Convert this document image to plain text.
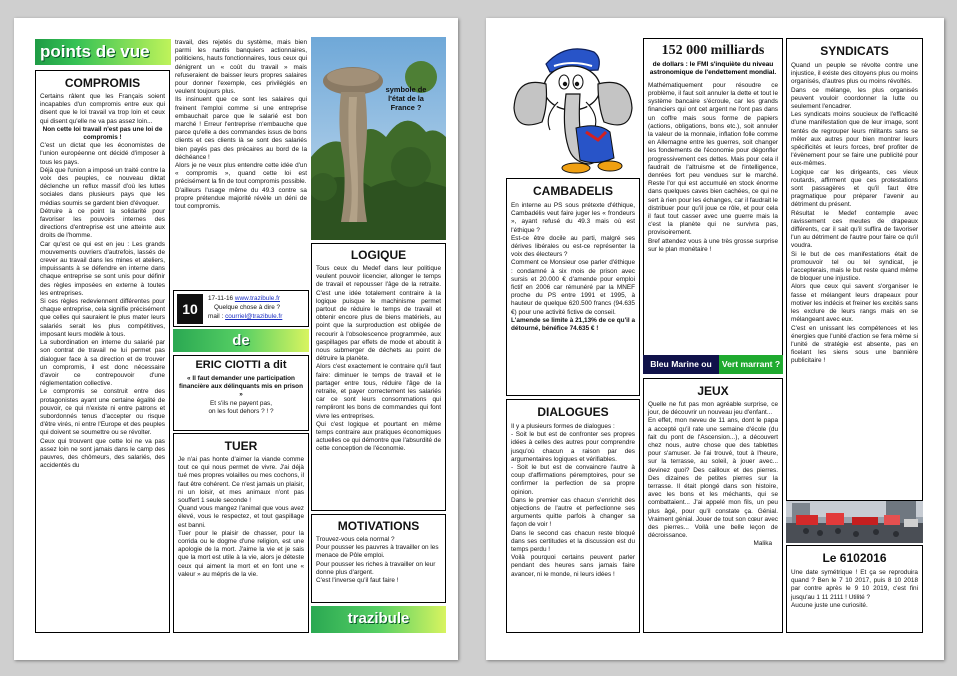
points de vue
COMPROMIS

Certains râlent que les Français soient incapables d'un compromis entre eux qui disent que le loi travail va trop loin et ceux qui disent qu'elle ne va pas assez loin...

Non cette loi travail n'est pas une loi de compromis !

C'est un dictat que les économistes de l'union européenne ont décidé d'imposer à tous les pays.

Déjà que l'union a imposé un traité contre la voix des peuples, ce nouveau diktat déclenche un reflux massif d'où les luttes sociales dans plusieurs pays que les médias soumis se gardent bien d'évoquer.

Détruire à ce point la solidarité pour favoriser les pouvoirs internes des directions d'entreprise est une atteinte aux droits de l'homme.

Car qu'est ce qui est en jeu : Les grands mouvements ouvriers d'autrefois, lassés de crever au travail dans les mines et ateliers, impuissants à se défendre en interne dans chaque entreprise se sont unis pour définir des règles imposées en externe à toutes les entreprises.

Si ces règles redeviennent différentes pour chaque entreprise, cela signifie précisément que celles qui sauraient le plus mater leurs salariés serait les plus compétitives, imposant leurs modèle à tous.

La subordination en interne du salarié par son contrat de travail ne lui permet pas dialoguer face à sa direction et de trouver un compromis, il est donc nécessaire d'avoir ce contrepouvoir d'une réglementation collective.

Le compromis se construit entre des protagonistes ayant une certaine égalité de pouvoir, ce qui n'existe ni entre patrons et subordonnés tenus d'accepter ou risque d'être virés, ni entre l'Europe et des peuples qui doivent se soumettre ou se révolter.

Ceux qui trouvent que cette loi ne va pas assez loin ne sont jamais dans le camp des pauvres, des chômeurs, des salariés, des accidentés du

travail, des rejetés du système, mais bien parmi les nantis banquiers actionnaires, politiciens, hauts fonctionnaires, tous ceux qui dénigrent un « coût du travail » mais refuseraient de baisser leurs propres salaires pour donner l'exemple, ces privilégiés en veulent toujours plus.

Ils insinuent que ce sont les salaires qui freinent l'emploi comme si une entreprise embauchait parce que le salarié est bon marché ! Erreur l'entreprise n'embauche que parce qu'elle a des commandes issus de bons clients et ces clients là se sont des salariés bien payés pas des précaires au bord de la déchéance !

Alors je ne veux plus entendre cette idée d'un « compromis », quand cette loi est précisément la fin de tout compromis possible.

D'ailleurs l'usage même du 49.3 contre sa propre prétendue majorité révèle un déni de tout compromis.

symbole de l'état de la France ?
10
17-11-16 www.trazibule.fr
Quelque chose à dire ?
mail : courriel@trazibule.fr
de
ERIC CIOTTI a dit

« Il faut demander une participation financière aux délinquants mis en prison »

Et s'ils ne payent pas,

on les fout dehors ? ! ?

TUER

Je n'ai pas honte d'aimer la viande comme tout ce qui nous permet de vivre. J'ai déjà tué mes propres volailles ou mes cochons, il faut être cohérent. Ce n'est jamais un plaisir, ni un loisir, et mes animaux n'ont pas souffert 1 seule seconde !

Quand vous mangez l'animal que vous avez élevé, vous le respectez, et tout gaspillage est banni.

Tuer pour le plaisir de chasser, pour la corrida ou le dogme d'une religion, est une apologie de la mort. J'aime la vie et je sais que la mort est utile à la vie, alors je déteste ceux qui aiment la mort et en font une « valeur » au mépris de la vie.

LOGIQUE

Tous ceux du Medef dans leur politique veulent pouvoir licencier, allonger le temps de travail et repousser l'âge de la retraite. C'est une idée totalement contraire à la logique puisque le machinisme permet partout de réduire le temps de travail et obtenir encore plus de biens matériels, au point que la surproduction est obligée de recourir à l'obsolescence programmée, aux gaspillages par effets de mode et aboutit à nous submerger de déchets au point de détruire la planète.

Alors c'est exactement le contraire qu'il faut faire: diminuer le temps de travail et le partager entre tous, réduire l'âge de la retraite, et payer correctement les salariés car ce sont leurs consommations qui rempliront les bons de commandes qui font vivre les entreprises.

Qui c'est logique et pourtant en même temps contraire aux pratiques économiques actuelles ce qui démontre que l'absurdité de cette conception de l'économie.

MOTIVATIONS

Trouvez-vous cela normal ?

Pour pousser les pauvres à travailler on les menace de Pôle emploi.

Pour pousser les riches à travailler on leur donne plus d'argent.

C'est l'inverse qu'il faut faire !

trazibule
152 000 milliards
de dollars : le FMI s'inquiète du niveau astronomique de l'endettement mondial.

Mathématiquement pour résoudre ce problème, il faut soit annuler la dette et tout le système bancaire s'écroule, car les grands financiers qui ont cet argent ne l'ont pas dans un coffre mais sous forme de papiers (actions, obligations, bons etc.), soit annuler la valeur de la monnaie, inflation folle comme en Allemagne entre les guerres, soit changer les fondements de l'économie pour dégonfler progressivement ces dettes. Mais pour cela il faudrait de l'altruisme et de l'intelligence, denrées fort peu vendues sur le marché. Reste l'or qui est accumulé en stock énorme dans quelques caves bien cachées, ce qui ne sert à rien pour les échanges, car il faudrait le distribuer pour qu'il joue ce rôle, et pour cela il faut tout casser avec une guerre mais la c'est la planète qui ne survivra pas, provisoirement.

Bref attendez vous à une très grosse surprise sur le plan monétaire !

CAMBADELIS

En interne au PS sous prétexte d'éthique, Cambadélis veut faire juger les « frondeurs », ayant refusé du 49.3 mais où est l'éthique ?

Est-ce être docile au parti, malgré ses dérives libérales ou est-ce représenter la voix des électeurs ?

Comment ce Monsieur ose parler d'éthique : condamné à six mois de prison avec sursis et 20.000 € d'amende pour emploi fictif en 2006 car rémunéré par la MNEF proche du PS entre 1991 et 1995, à hauteur de quelque 620.500 francs (94.635 €) pour une activité fictive de conseil.

L'amende se limite à 21,13% de ce qu'il a détourné, bénéfice 74.635 € !

Bleu Marine ou	Vert marrant ?
DIALOGUES

Il y a plusieurs formes de dialogues :

- Soit le but est de confronter ses propres idées à celles des autres pour comprendre jusqu'où chacun a raison par des argumentaires logiques et vérifiables.

- Soit le but est de convaincre l'autre à coup d'affirmations péremptoires, pour se confirmer la perfection de sa propre opinion.

Dans le premier cas chacun s'enrichit des objections de l'autre et perfectionne ses arguments quitte parfois à changer sa façon de voir !

Dans le second cas chacun reste bloqué dans ses certitudes et la discussion est du temps perdu !

Voilà pourquoi certains peuvent parler pendant des heures sans jamais faire avancer, ni le monde, ni leurs idées !

JEUX

Quelle ne fut pas mon agréable surprise, ce jour, de découvrir un nouveau jeu d'enfant...

En effet, mon neveu de 11 ans, dont le papa a accepté qu'il rate une semaine d'école (du fait du pont de l'Ascension...), a découvert chez nous, autre chose que des tablettes pour s'amuser. Je l'ai trouvé, tout à l'heure, sur la terrasse, au soleil, à jouer avec... devinez quoi? Des cailloux et des pierres. Des dizaines de petites pierres sur la terrasse. Il était plongé dans son histoire, avec les bons et les méchants, qui se combattaient... J'ai appelé mon fils, un peu plus âgé, pour qu'il constate ça. Génial. Vraiment génial. Jouer de tout son cœur avec des pierres... Voilà une belle leçon de décroissance.

Malika

SYNDICATS

Quand un peuple se révolte contre une injustice, il existe des citoyens plus ou moins organisés, d'autres plus ou moins révoltés.

Dans ce mélange, les plus organisés peuvent vouloir coordonner la lutte ou seulement l'encadrer.

Les syndicats moins soucieux de l'efficacité d'une manifestation que de leur image, sont tentés de regrouper leurs militants sans se mêler aux autres pour bien montrer leurs spécificités et leurs forces, bref profiter de l'évènement pour se faire une publicité pour eux-mêmes.

Logique car les dirigeants, ces vieux routards, affirment que ces protestations sont passagères et qu'il faut être pragmatique pour préparer l'avenir au détriment du présent.

Résultat le Medef contemple avec ravissement ces meutes de drapeaux différents, car il sait qu'il suffira de favoriser l'un au détriment de l'autre pour faire ce qu'il voudra.

Si le but de ces manifestations était de promouvoir tel ou tel syndicat, je l'accepterais, mais le but reste quand même de bloquer une injustice.

Alors que ceux qui savent s'organiser le fasse et mélangent leurs drapeaux pour motiver les indécis et freiner les excités sans les exclure de leurs rangs mais en se mélangeant avec eux.

C'est en unissant les compétences et les énergies que l'unité d'action se fera même si l'unité de stratégie est absente, pas en ficelant les siens sous une bannière publicitaire !

Le 6102016

Une date symétrique ! Et ça se reproduira quand ? Ben le 7 10 2017, puis 8 10 2018 par contre après le 9 10 2019, c'est fini jusqu'au 1 11 2111 ! Utilité ?

Aucune juste une curiosité.
